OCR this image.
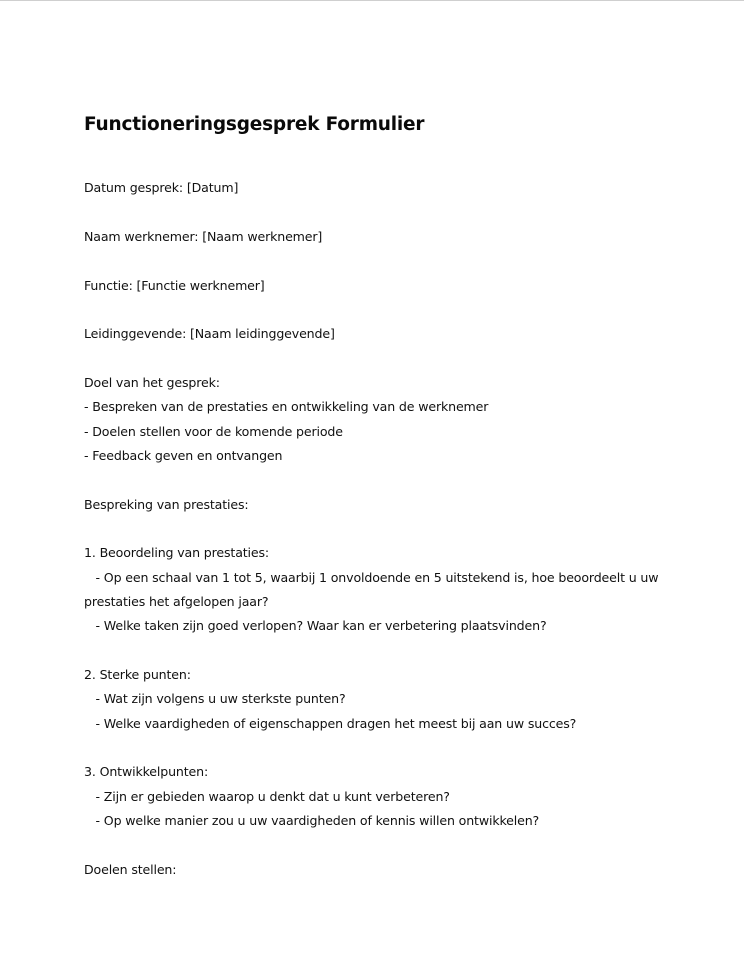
Functioneringsgesprek Formulier
Datum gesprek: [Datum]
Naam werknemer: [Naam werknemer]
Functie: [Functie werknemer]
Leidinggevende: [Naam leidinggevende]
Doel van het gesprek:
- Bespreken van de prestaties en ontwikkeling van de werknemer
- Doelen stellen voor de komende periode
- Feedback geven en ontvangen
Bespreking van prestaties:
1. Beoordeling van prestaties:
- Op een schaal van 1 tot 5, waarbij 1 onvoldoende en 5 uitstekend is, hoe beoordeelt u uw
prestaties het afgelopen jaar?
- Welke taken zijn goed verlopen? Waar kan er verbetering plaatsvinden?
2. Sterke punten:
- Wat zijn volgens u uw sterkste punten?
- Welke vaardigheden of eigenschappen dragen het meest bij aan uw succes?
3. Ontwikkelpunten:
- Zijn er gebieden waarop u denkt dat u kunt verbeteren?
- Op welke manier zou u uw vaardigheden of kennis willen ontwikkelen?
Doelen stellen:
